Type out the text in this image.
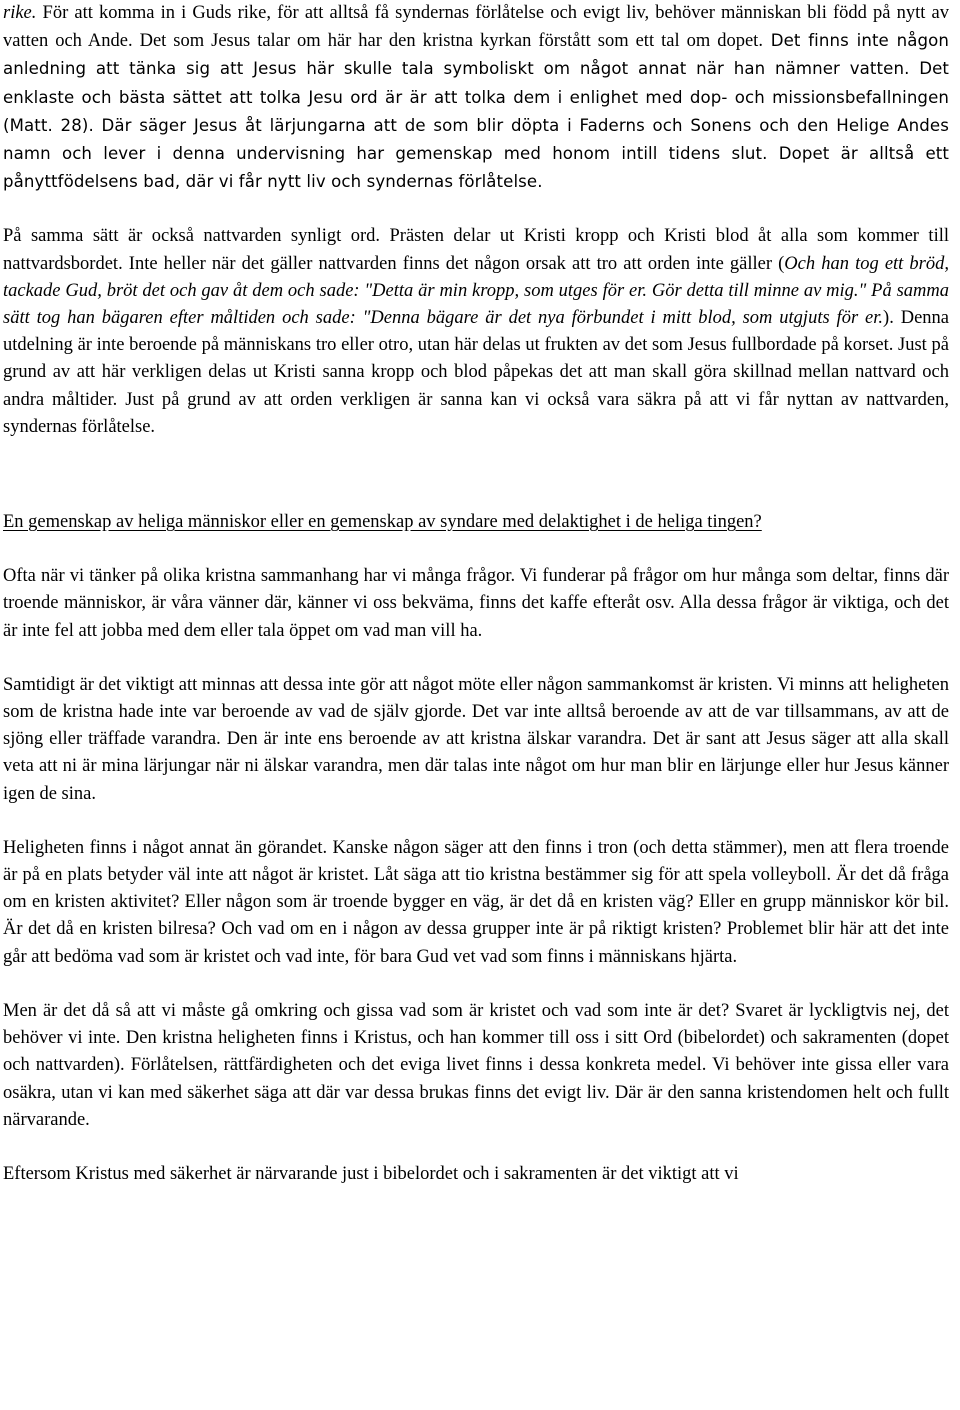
rike. För att komma in i Guds rike, för att alltså få syndernas förlåtelse och evigt liv, behöver människan bli född på nytt av vatten och Ande. Det som Jesus talar om här har den kristna kyrkan förstått som ett tal om dopet. Det finns inte någon anledning att tänka sig att Jesus här skulle tala symboliskt om något annat när han nämner vatten. Det enklaste och bästa sättet att tolka Jesu ord är är att tolka dem i enlighet med dop- och missionsbefallningen (Matt. 28). Där säger Jesus åt lärjungarna att de som blir döpta i Faderns och Sonens och den Helige Andes namn och lever i denna undervisning har gemenskap med honom intill tidens slut. Dopet är alltså ett pånyttfödelsens bad, där vi får nytt liv och syndernas förlåtelse.

På samma sätt är också nattvarden synligt ord. Prästen delar ut Kristi kropp och Kristi blod åt alla som kommer till nattvardsbordet. Inte heller när det gäller nattvarden finns det någon orsak att tro att orden inte gäller (Och han tog ett bröd, tackade Gud, bröt det och gav åt dem och sade: "Detta är min kropp, som utges för er. Gör detta till minne av mig." På samma sätt tog han bägaren efter måltiden och sade: "Denna bägare är det nya förbundet i mitt blod, som utgjuts för er.). Denna utdelning är inte beroende på människans tro eller otro, utan här delas ut frukten av det som Jesus fullbordade på korset. Just på grund av att här verkligen delas ut Kristi sanna kropp och blod påpekas det att man skall göra skillnad mellan nattvard och andra måltider. Just på grund av att orden verkligen är sanna kan vi också vara säkra på att vi får nyttan av nattvarden, syndernas förlåtelse.

En gemenskap av heliga människor eller en gemenskap av syndare med delaktighet i de heliga tingen?

Ofta när vi tänker på olika kristna sammanhang har vi många frågor. Vi funderar på frågor om hur många som deltar, finns där troende människor, är våra vänner där, känner vi oss bekväma, finns det kaffe efteråt osv. Alla dessa frågor är viktiga, och det är inte fel att jobba med dem eller tala öppet om vad man vill ha.

Samtidigt är det viktigt att minnas att dessa inte gör att något möte eller någon sammankomst är kristen. Vi minns att heligheten som de kristna hade inte var beroende av vad de själv gjorde. Det var inte alltså beroende av att de var tillsammans, av att de sjöng eller träffade varandra. Den är inte ens beroende av att kristna älskar varandra. Det är sant att Jesus säger att alla skall veta att ni är mina lärjungar när ni älskar varandra, men där talas inte något om hur man blir en lärjunge eller hur Jesus känner igen de sina.

Heligheten finns i något annat än görandet. Kanske någon säger att den finns i tron (och detta stämmer), men att flera troende är på en plats betyder väl inte att något är kristet. Låt säga att tio kristna bestämmer sig för att spela volleyboll. Är det då fråga om en kristen aktivitet? Eller någon som är troende bygger en väg, är det då en kristen väg? Eller en grupp människor kör bil. Är det då en kristen bilresa? Och vad om en i någon av dessa grupper inte är på riktigt kristen? Problemet blir här att det inte går att bedöma vad som är kristet och vad inte, för bara Gud vet vad som finns i människans hjärta.

Men är det då så att vi måste gå omkring och gissa vad som är kristet och vad som inte är det? Svaret är lyckligtvis nej, det behöver vi inte. Den kristna heligheten finns i Kristus, och han kommer till oss i sitt Ord (bibelordet) och sakramenten (dopet och nattvarden). Förlåtelsen, rättfärdigheten och det eviga livet finns i dessa konkreta medel. Vi behöver inte gissa eller vara osäkra, utan vi kan med säkerhet säga att där var dessa brukas finns det evigt liv. Där är den sanna kristendomen helt och fullt närvarande.

Eftersom Kristus med säkerhet är närvarande just i bibelordet och i sakramenten är det viktigt att vi
